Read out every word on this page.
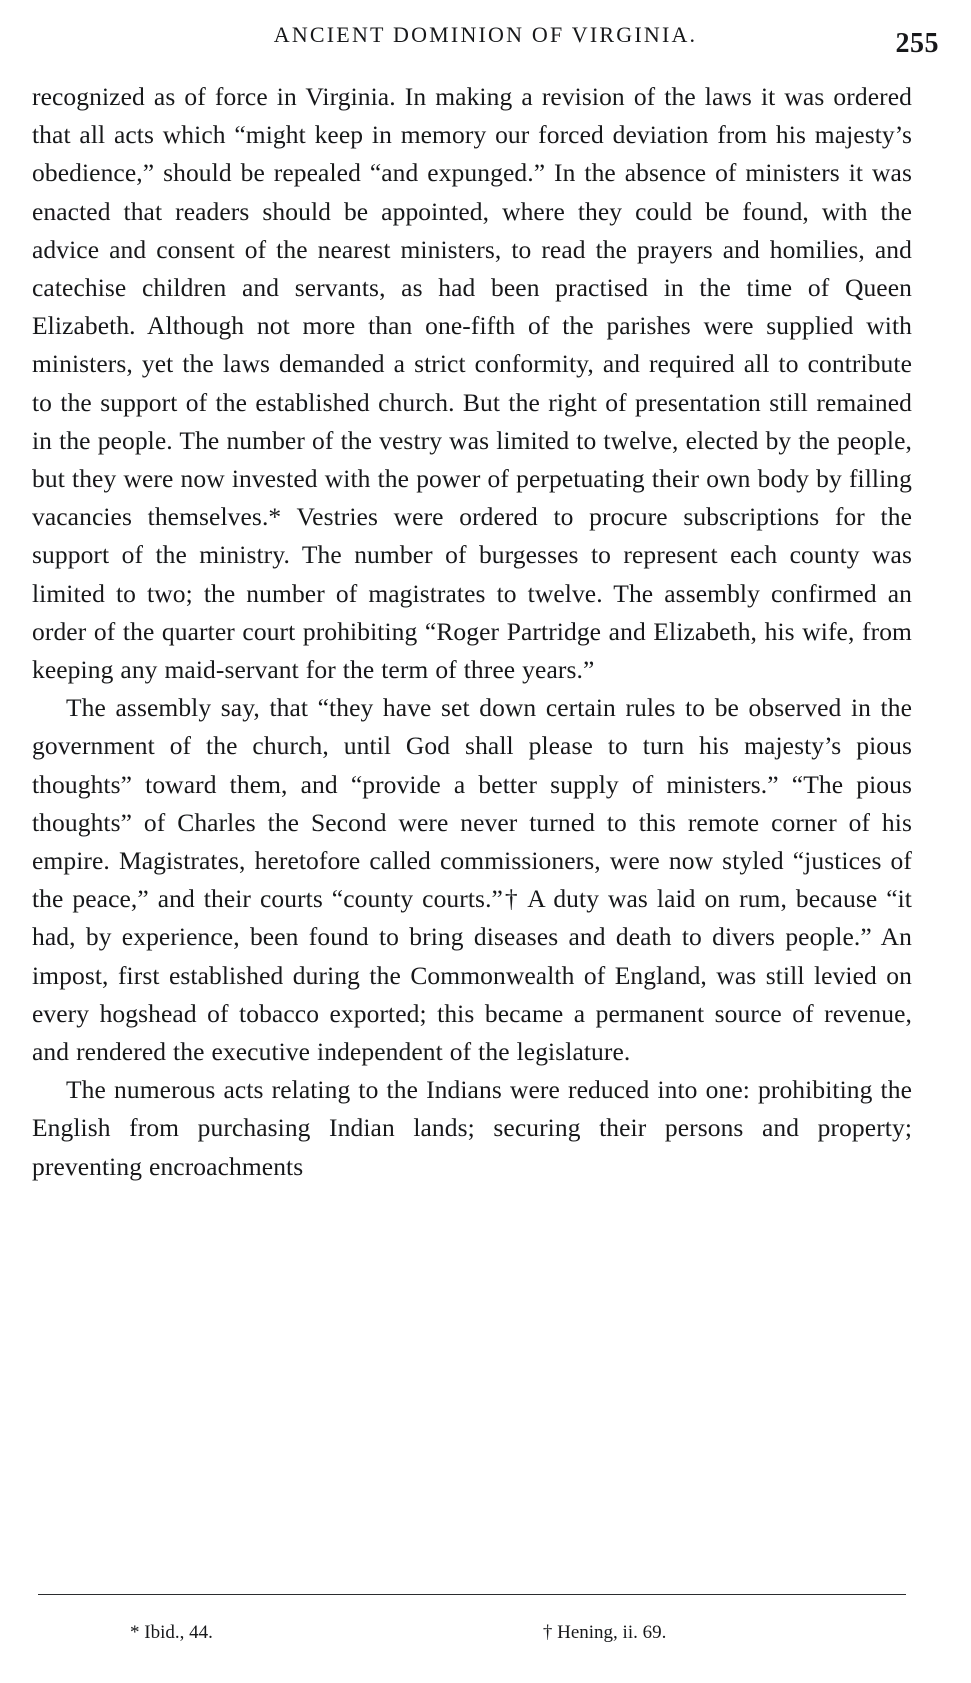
ANCIENT DOMINION OF VIRGINIA.	255

recognized as of force in Virginia. In making a revision of the laws it was ordered that all acts which “might keep in memory our forced deviation from his majesty’s obedience,” should be repealed “and expunged.” In the absence of ministers it was enacted that readers should be appointed, where they could be found, with the advice and consent of the nearest ministers, to read the prayers and homilies, and catechise children and servants, as had been practised in the time of Queen Elizabeth. Although not more than one-fifth of the parishes were supplied with ministers, yet the laws demanded a strict conformity, and required all to contribute to the support of the established church. But the right of presentation still remained in the people. The number of the vestry was limited to twelve, elected by the people, but they were now invested with the power of perpetuating their own body by filling vacancies themselves.* Vestries were ordered to procure subscriptions for the support of the ministry. The number of burgesses to represent each county was limited to two; the number of magistrates to twelve. The assembly confirmed an order of the quarter court prohibiting “Roger Partridge and Elizabeth, his wife, from keeping any maid-servant for the term of three years.”

The assembly say, that “they have set down certain rules to be observed in the government of the church, until God shall please to turn his majesty’s pious thoughts” toward them, and “provide a better supply of ministers.” “The pious thoughts” of Charles the Second were never turned to this remote corner of his empire. Magistrates, heretofore called commissioners, were now styled “justices of the peace,” and their courts “county courts.”† A duty was laid on rum, because “it had, by experience, been found to bring diseases and death to divers people.” An impost, first established during the Commonwealth of England, was still levied on every hogshead of tobacco exported; this became a permanent source of revenue, and rendered the executive independent of the legislature.

The numerous acts relating to the Indians were reduced into one: prohibiting the English from purchasing Indian lands; securing their persons and property; preventing encroachments

* Ibid., 44.	† Hening, ii. 69.
